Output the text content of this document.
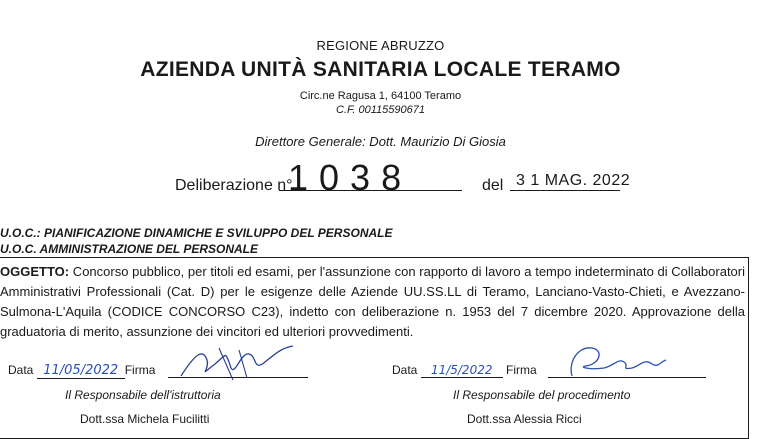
REGIONE ABRUZZO
AZIENDA UNITÀ SANITARIA LOCALE TERAMO
Circ.ne Ragusa 1, 64100 Teramo
C.F. 00115590671
Direttore Generale: Dott. Maurizio Di Giosia
Deliberazione n°
1038	del 3 1 MAG. 2022
U.O.C.: PIANIFICAZIONE DINAMICHE E SVILUPPO DEL PERSONALE
U.O.C. AMMINISTRAZIONE DEL PERSONALE
OGGETTO: Concorso pubblico, per titoli ed esami, per l'assunzione con rapporto di lavoro a tempo indeterminato di Collaboratori Amministrativi Professionali (Cat. D) per le esigenze delle Aziende UU.SS.LL di Teramo, Lanciano-Vasto-Chieti, e Avezzano-Sulmona-L'Aquila (CODICE CONCORSO C23), indetto con deliberazione n. 1953 del 7 dicembre 2020. Approvazione della graduatoria di merito, assunzione dei vincitori ed ulteriori provvedimenti.
Data 11/05/2022 Firma
Il Responsabile dell'istruttoria
Dott.ssa Michela Fucilitti
Data 11/5/2022 Firma
Il Responsabile del procedimento
Dott.ssa Alessia Ricci
